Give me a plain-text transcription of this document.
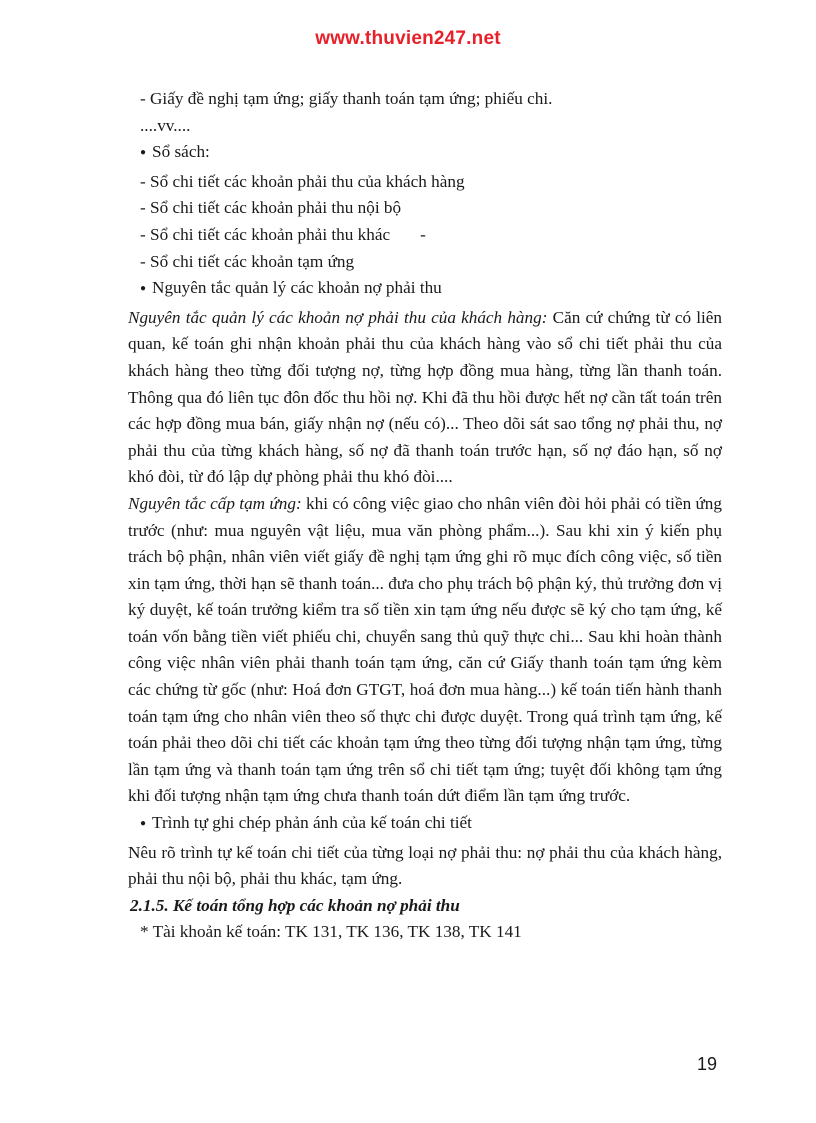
www.thuvien247.net
- Giấy đề nghị tạm ứng; giấy thanh toán tạm ứng; phiếu chi.
....vv....
● Sổ sách:
- Sổ chi tiết các khoản phải thu của khách hàng
- Sổ chi tiết các khoản phải thu nội bộ
- Sổ chi tiết các khoản phải thu khác -
- Sổ chi tiết các khoản tạm ứng
● Nguyên tắc quản lý các khoản nợ phải thu

Nguyên tắc quản lý các khoản nợ phải thu của khách hàng: Căn cứ chứng từ có liên quan, kế toán ghi nhận khoản phải thu của khách hàng vào sổ chi tiết phải thu của khách hàng theo từng đối tượng nợ, từng hợp đồng mua hàng, từng lần thanh toán. Thông qua đó liên tục đôn đốc thu hồi nợ. Khi đã thu hồi được hết nợ cần tất toán trên các hợp đồng mua bán, giấy nhận nợ (nếu có)... Theo dõi sát sao tổng nợ phải thu, nợ phải thu của từng khách hàng, số nợ đã thanh toán trước hạn, số nợ đáo hạn, số nợ khó đòi, từ đó lập dự phòng phải thu khó đòi....

Nguyên tắc cấp tạm ứng: khi có công việc giao cho nhân viên đòi hỏi phải có tiền ứng trước (như: mua nguyên vật liệu, mua văn phòng phẩm...). Sau khi xin ý kiến phụ trách bộ phận, nhân viên viết giấy đề nghị tạm ứng ghi rõ mục đích công việc, số tiền xin tạm ứng, thời hạn sẽ thanh toán... đưa cho phụ trách bộ phận ký, thủ trưởng đơn vị ký duyệt, kế toán trưởng kiểm tra số tiền xin tạm ứng nếu được sẽ ký cho tạm ứng, kế toán vốn bằng tiền viết phiếu chi, chuyển sang thủ quỹ thực chi... Sau khi hoàn thành công việc nhân viên phải thanh toán tạm ứng, căn cứ Giấy thanh toán tạm ứng kèm các chứng từ gốc (như: Hoá đơn GTGT, hoá đơn mua hàng...) kế toán tiến hành thanh toán tạm ứng cho nhân viên theo số thực chi được duyệt. Trong quá trình tạm ứng, kế toán phải theo dõi chi tiết các khoản tạm ứng theo từng đối tượng nhận tạm ứng, từng lần tạm ứng và thanh toán tạm ứng trên sổ chi tiết tạm ứng; tuyệt đối không tạm ứng khi đối tượng nhận tạm ứng chưa thanh toán dứt điểm lần tạm ứng trước.

● Trình tự ghi chép phản ánh của kế toán chi tiết

Nêu rõ trình tự kế toán chi tiết của từng loại nợ phải thu: nợ phải thu của khách hàng, phải thu nội bộ, phải thu khác, tạm ứng.

2.1.5. Kế toán tổng hợp các khoản nợ phải thu
* Tài khoản kế toán: TK 131, TK 136, TK 138, TK 141
19
